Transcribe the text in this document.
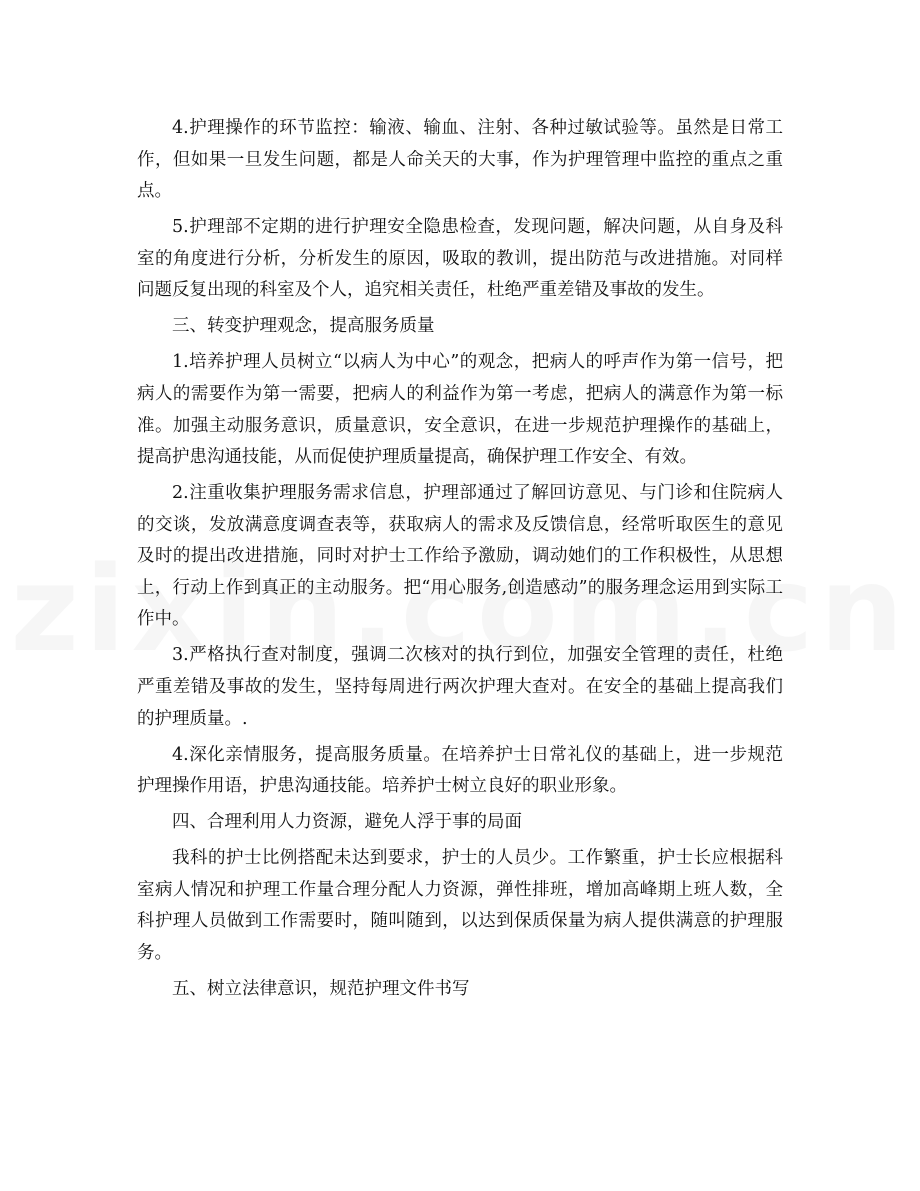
4.护理操作的环节监控：输液、输血、注射、各种过敏试验等。虽然是日常工作，但如果一旦发生问题，都是人命关天的大事，作为护理管理中监控的重点之重点。

5.护理部不定期的进行护理安全隐患检查，发现问题，解决问题，从自身及科室的角度进行分析，分析发生的原因，吸取的教训，提出防范与改进措施。对同样问题反复出现的科室及个人，追究相关责任，杜绝严重差错及事故的发生。

三、转变护理观念，提高服务质量

1.培养护理人员树立“以病人为中心”的观念，把病人的呼声作为第一信号，把病人的需要作为第一需要，把病人的利益作为第一考虑，把病人的满意作为第一标准。加强主动服务意识，质量意识，安全意识，在进一步规范护理操作的基础上，提高护患沟通技能，从而促使护理质量提高，确保护理工作安全、有效。

2.注重收集护理服务需求信息，护理部通过了解回访意见、与门诊和住院病人的交谈，发放满意度调查表等，获取病人的需求及反馈信息，经常听取医生的意见及时的提出改进措施，同时对护士工作给予激励，调动她们的工作积极性，从思想上，行动上作到真正的主动服务。把“用心服务,创造感动”的服务理念运用到实际工作中。

3.严格执行查对制度，强调二次核对的执行到位，加强安全管理的责任，杜绝严重差错及事故的发生，坚持每周进行两次护理大查对。在安全的基础上提高我们的护理质量。.

4.深化亲情服务，提高服务质量。在培养护士日常礼仪的基础上，进一步规范护理操作用语，护患沟通技能。培养护士树立良好的职业形象。

四、合理利用人力资源，避免人浮于事的局面

我科的护士比例搭配未达到要求，护士的人员少。工作繁重，护士长应根据科室病人情况和护理工作量合理分配人力资源，弹性排班，增加高峰期上班人数，全科护理人员做到工作需要时，随叫随到，以达到保质保量为病人提供满意的护理服务。

五、树立法律意识，规范护理文件书写
